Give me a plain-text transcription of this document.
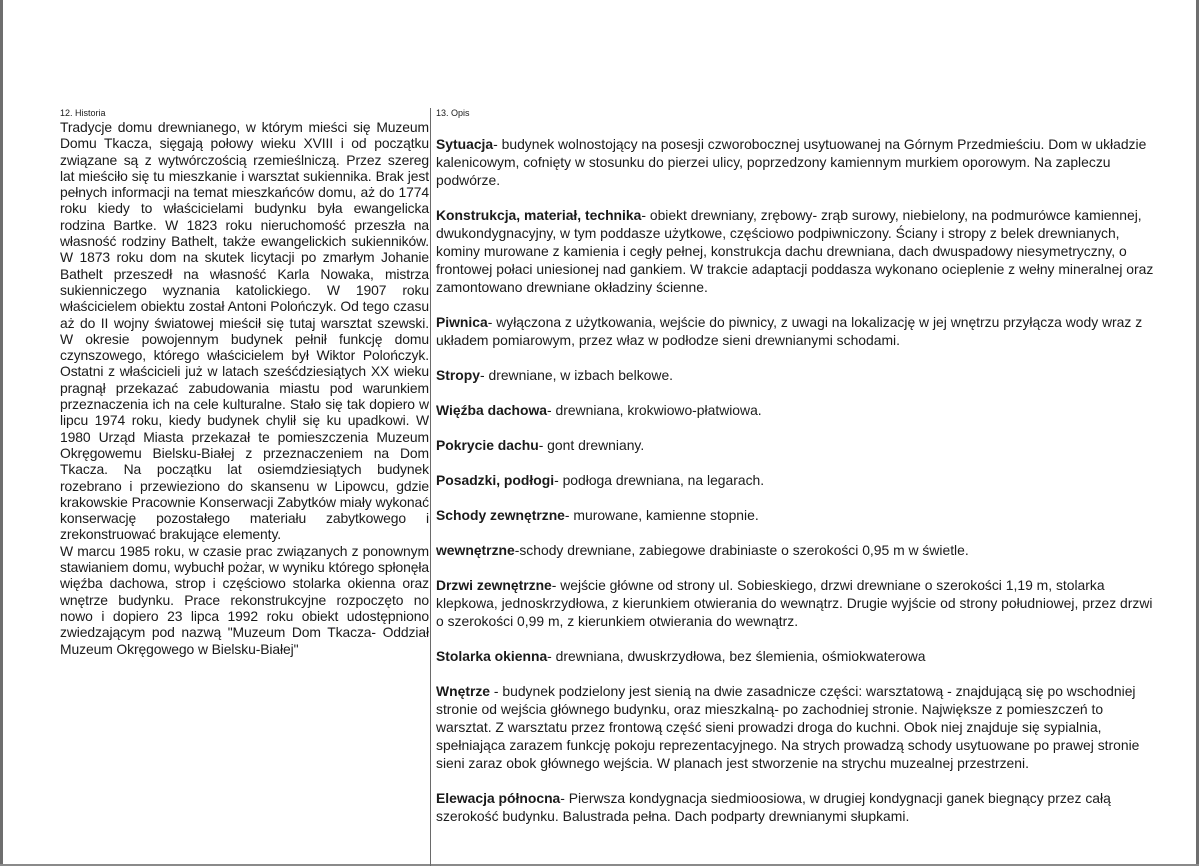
12. Historia
Tradycje domu drewnianego, w którym mieści się Muzeum Domu Tkacza, sięgają połowy wieku XVIII i od początku związane są z wytwórczością rzemieślniczą. Przez szereg lat mieściło się tu mieszkanie i warsztat sukiennika. Brak jest pełnych informacji na temat mieszkańców domu, aż do 1774 roku kiedy to właścicielami budynku była ewangelicka rodzina Bartke. W 1823 roku nieruchomość przeszła na własność rodziny Bathelt, także ewangelickich sukienników. W 1873 roku dom na skutek licytacji po zmarłym Johanie Bathelt przeszedł na własność Karla Nowaka, mistrza sukienniczego wyznania katolickiego. W 1907 roku właścicielem obiektu został Antoni Polończyk. Od tego czasu aż do II wojny światowej mieścił się tutaj warsztat szewski. W okresie powojennym budynek pełnił funkcję domu czynszowego, którego właścicielem był Wiktor Polończyk. Ostatni z właścicieli już w latach sześćdziesiątych XX wieku pragnął przekazać zabudowania miastu pod warunkiem przeznaczenia ich na cele kulturalne. Stało się tak dopiero w lipcu 1974 roku, kiedy budynek chylił się ku upadkowi. W 1980 Urząd Miasta przekazał te pomieszczenia Muzeum Okręgowemu Bielsku-Białej z przeznaczeniem na Dom Tkacza. Na początku lat osiemdziesiątych budynek rozebrano i przewieziono do skansenu w Lipowcu, gdzie krakowskie Pracownie Konserwacji Zabytków miały wykonać konserwację pozostałego materiału zabytkowego i zrekonstruować brakujące elementy.
W marcu 1985 roku, w czasie prac związanych z ponownym stawianiem domu, wybuchł pożar, w wyniku którego spłonęła więźba dachowa, strop i częściowo stolarka okienna oraz wnętrze budynku. Prace rekonstrukcyjne rozpoczęto no nowo i dopiero 23 lipca 1992 roku obiekt udostępniono zwiedzającym pod nazwą "Muzeum Dom Tkacza- Oddział Muzeum Okręgowego w Bielsku-Białej"
13. Opis

Sytuacja- budynek wolnostojący na posesji czworobocznej usytuowanej na Górnym Przedmieściu. Dom w układzie kalenicowym, cofnięty w stosunku do pierzei ulicy, poprzedzony kamiennym murkiem oporowym. Na zapleczu podwórze.

Konstrukcja, materiał, technika- obiekt drewniany, zrębowy- zrąb surowy, niebielony, na podmurówce kamiennej, dwukondygnacyjny, w tym poddasze użytkowe, częściowo podpiwniczony. Ściany i stropy z belek drewnianych, kominy murowane z kamienia i cegły pełnej, konstrukcja dachu drewniana, dach dwuspadowy niesymetryczny, o frontowej połaci uniesionej nad gankiem. W trakcie adaptacji poddasza wykonano ocieplenie z wełny mineralnej oraz zamontowano drewniane okładziny ścienne.

Piwnica- wyłączona z użytkowania, wejście do piwnicy, z uwagi na lokalizację w jej wnętrzu przyłącza wody wraz z układem pomiarowym, przez właz w podłodze sieni drewnianymi schodami.

Stropy- drewniane, w izbach belkowe.

Więźba dachowa- drewniana, krokwiowo-płatwiowa.

Pokrycie dachu- gont drewniany.

Posadzki, podłogi- podłoga drewniana, na legarach.

Schody zewnętrzne- murowane, kamienne stopnie.

wewnętrzne-schody drewniane, zabiegowe drabiniaste o szerokości 0,95 m w świetle.

Drzwi zewnętrzne- wejście główne od strony ul. Sobieskiego, drzwi drewniane o szerokości 1,19 m, stolarka klepkowa, jednoskrzydłowa, z kierunkiem otwierania do wewnątrz. Drugie wyjście od strony południowej, przez drzwi o szerokości 0,99 m, z kierunkiem otwierania do wewnątrz.

Stolarka okienna- drewniana, dwuskrzydłowa, bez ślemienia, ośmiokwaterowa

Wnętrze - budynek podzielony jest sienią na dwie zasadnicze części: warsztatową - znajdującą się po wschodniej stronie od wejścia głównego budynku, oraz mieszkalną- po zachodniej stronie. Największe z pomieszczeń to warsztat. Z warsztatu przez frontową część sieni prowadzi droga do kuchni. Obok niej znajduje się sypialnia, spełniająca zarazem funkcję pokoju reprezentacyjnego. Na strych prowadzą schody usytuowane po prawej stronie sieni zaraz obok głównego wejścia. W planach jest stworzenie na strychu muzealnej przestrzeni.

Elewacja północna- Pierwsza kondygnacja siedmioosiowa, w drugiej kondygnacji ganek biegnący przez całą szerokość budynku. Balustrada pełna. Dach podparty drewnianymi słupkami.
